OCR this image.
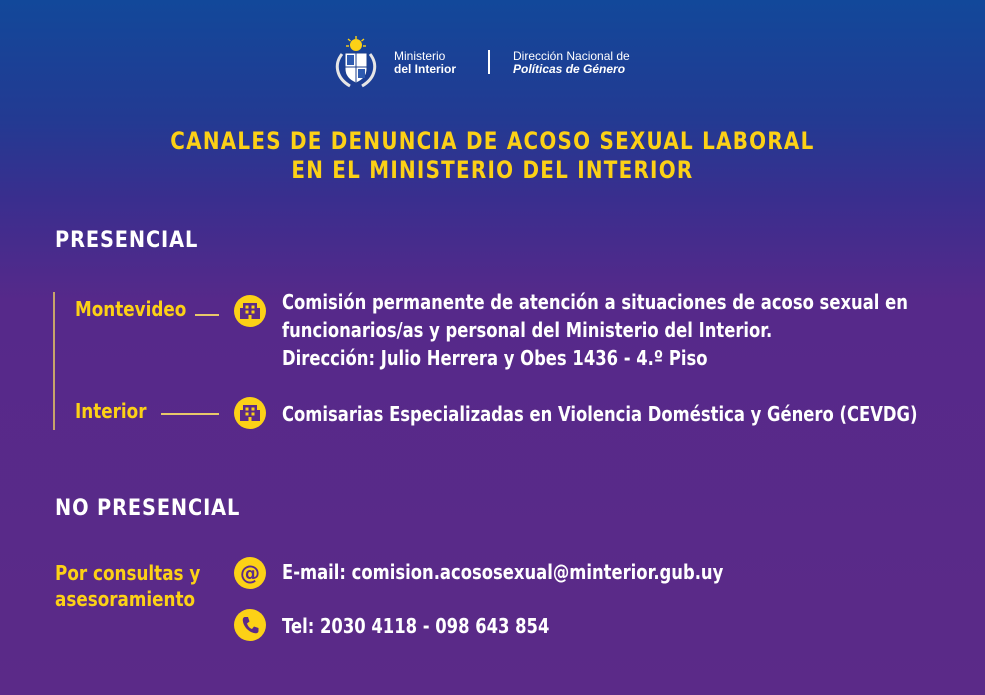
Ministerio
del Interior
Dirección Nacional de
Políticas de Género
CANALES DE DENUNCIA DE ACOSO SEXUAL LABORAL
EN EL MINISTERIO DEL INTERIOR
PRESENCIAL
Montevideo	Comisión permanente de atención a situaciones de acoso sexual en
funcionarios/as y personal del Ministerio del Interior.
Dirección: Julio Herrera y Obes 1436 - 4.º Piso
Interior	Comisarias Especializadas en Violencia Doméstica y Género (CEVDG)
NO PRESENCIAL
Por consultas y
asesoramiento
@ E-mail: comision.acososexual@minterior.gub.uy
Tel: 2030 4118 - 098 643 854
